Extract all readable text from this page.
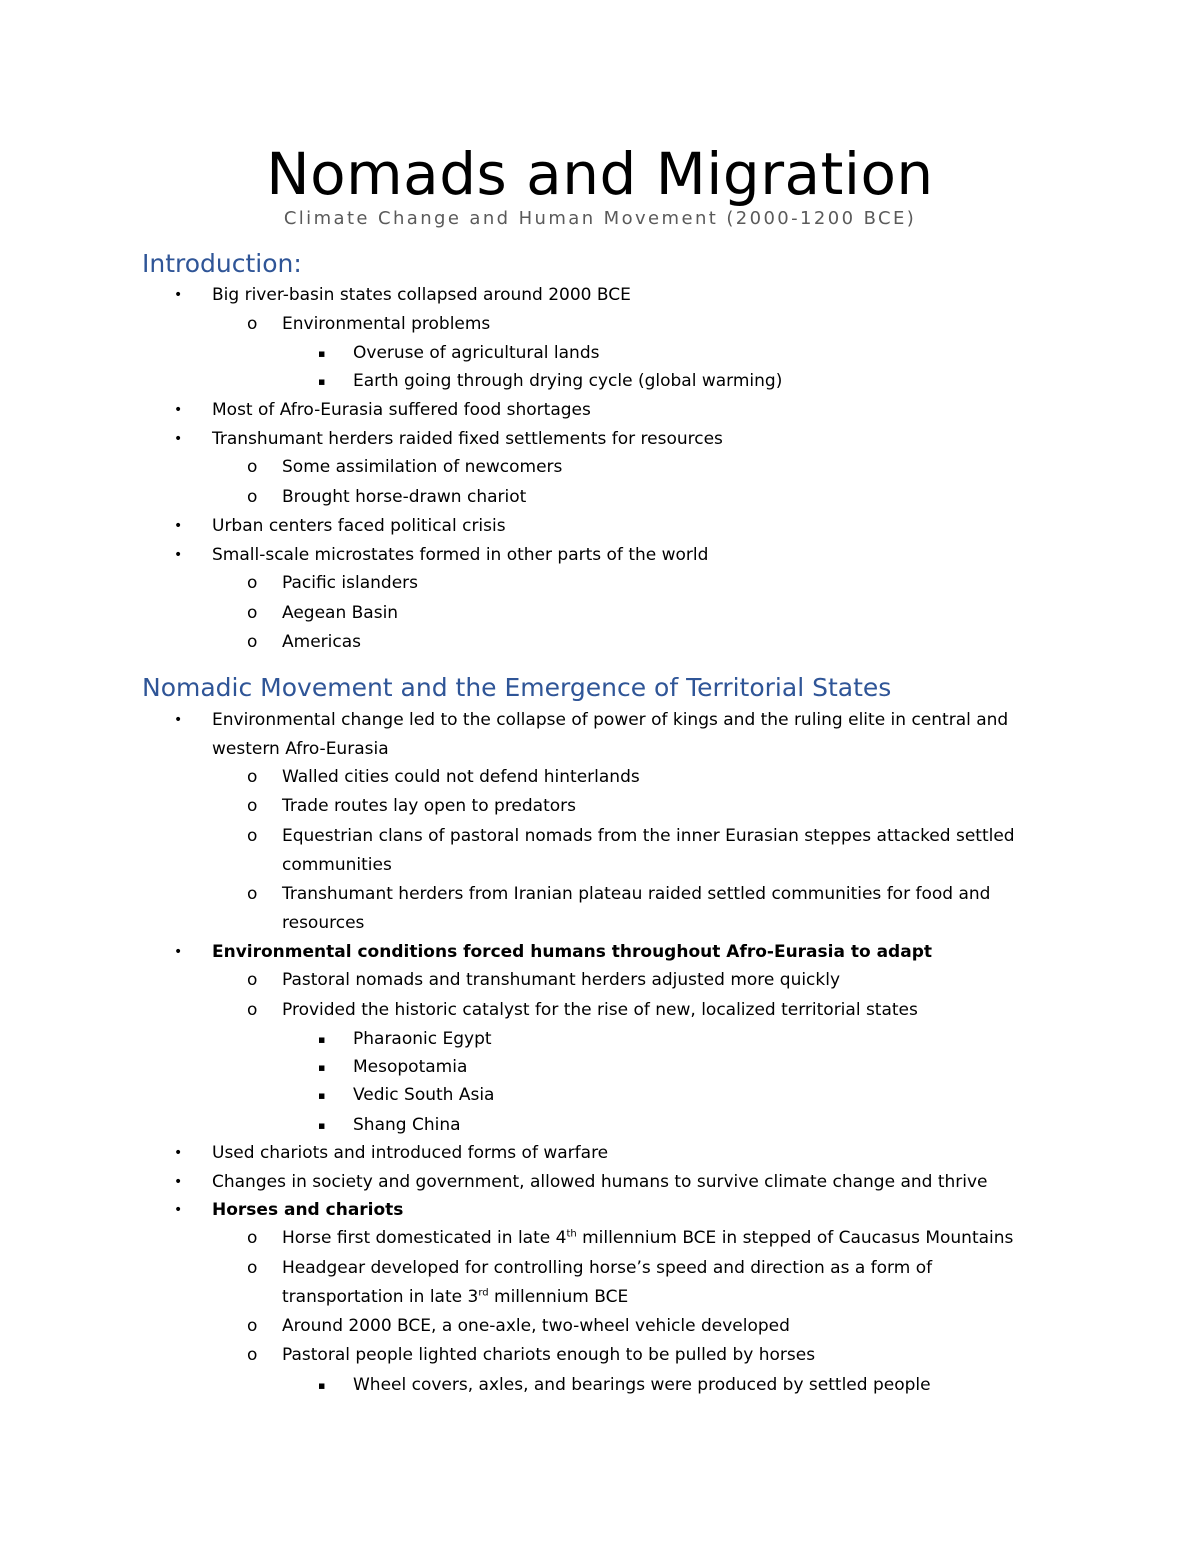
Nomads and Migration

Climate Change and Human Movement (2000-1200 BCE)

Introduction:
• Big river-basin states collapsed around 2000 BCE
o Environmental problems
▪ Overuse of agricultural lands
▪ Earth going through drying cycle (global warming)
• Most of Afro-Eurasia suffered food shortages
• Transhumant herders raided fixed settlements for resources
o Some assimilation of newcomers
o Brought horse-drawn chariot
• Urban centers faced political crisis
• Small-scale microstates formed in other parts of the world
o Pacific islanders
o Aegean Basin
o Americas
Nomadic Movement and the Emergence of Territorial States
• Environmental change led to the collapse of power of kings and the ruling elite in central and western Afro-Eurasia
o Walled cities could not defend hinterlands
o Trade routes lay open to predators
o Equestrian clans of pastoral nomads from the inner Eurasian steppes attacked settled communities
o Transhumant herders from Iranian plateau raided settled communities for food and resources
• Environmental conditions forced humans throughout Afro-Eurasia to adapt
o Pastoral nomads and transhumant herders adjusted more quickly
o Provided the historic catalyst for the rise of new, localized territorial states
▪ Pharaonic Egypt
▪ Mesopotamia
▪ Vedic South Asia
▪ Shang China
• Used chariots and introduced forms of warfare
• Changes in society and government, allowed humans to survive climate change and thrive
• Horses and chariots
o Horse first domesticated in late 4th millennium BCE in stepped of Caucasus Mountains
o Headgear developed for controlling horse’s speed and direction as a form of transportation in late 3rd millennium BCE
o Around 2000 BCE, a one-axle, two-wheel vehicle developed
o Pastoral people lighted chariots enough to be pulled by horses
▪ Wheel covers, axles, and bearings were produced by settled people
